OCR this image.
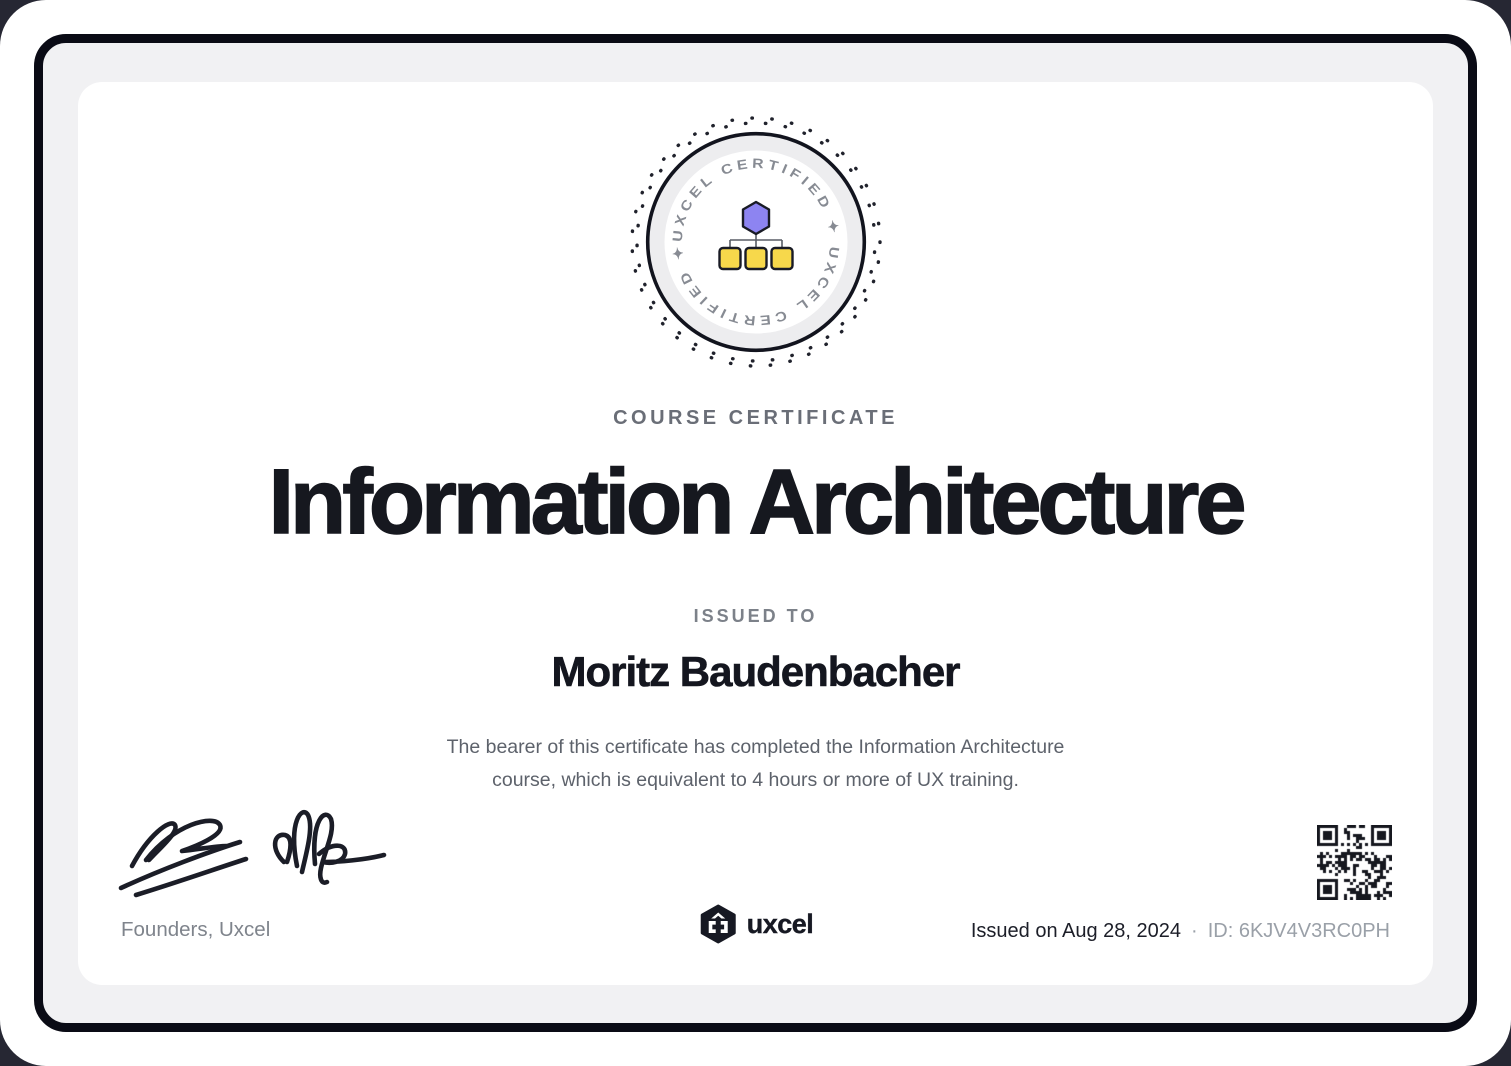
UXCEL CERTIFIED ✦ UXCEL CERTIFIED ✦
COURSE CERTIFICATE
Information Architecture
ISSUED TO
Moritz Baudenbacher
The bearer of this certificate has completed the Information Architecture
course, which is equivalent to 4 hours or more of UX training.
Founders, Uxcel	uxcel	Issued on Aug 28, 2024 · ID: 6KJV4V3RC0PH
